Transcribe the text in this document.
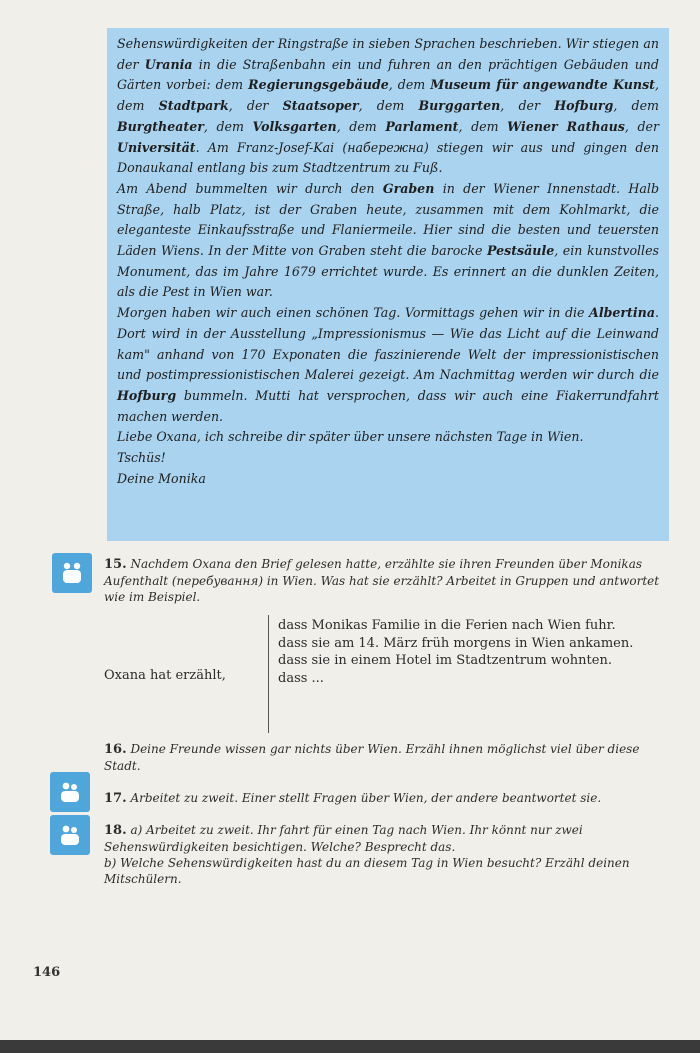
Sehenswürdigkeiten der Ringstraße in sieben Sprachen beschrieben. Wir stiegen an der Urania in die Straßenbahn ein und fuhren an den prächtigen Gebäuden und Gärten vorbei: dem Regierungsgebäude, dem Museum für angewandte Kunst, dem Stadtpark, der Staatsoper, dem Burggarten, der Hofburg, dem Burgtheater, dem Volksgarten, dem Parlament, dem Wiener Rathaus, der Universität. Am Franz-Josef-Kai (набережна) stiegen wir aus und gingen den Donaukanal entlang bis zum Stadtzentrum zu Fuß.

Am Abend bummelten wir durch den Graben in der Wiener Innenstadt. Halb Straße, halb Platz, ist der Graben heute, zusammen mit dem Kohlmarkt, die eleganteste Einkaufsstraße und Flaniermeile. Hier sind die besten und teuersten Läden Wiens. In der Mitte von Graben steht die barocke Pestsäule, ein kunstvolles Monument, das im Jahre 1679 errichtet wurde. Es erinnert an die dunklen Zeiten, als die Pest in Wien war.

Morgen haben wir auch einen schönen Tag. Vormittags gehen wir in die Albertina. Dort wird in der Ausstellung „Impressionismus — Wie das Licht auf die Leinwand kam" anhand von 170 Exponaten die faszinierende Welt der impressionistischen und postimpressionistischen Malerei gezeigt. Am Nachmittag werden wir durch die Hofburg bummeln. Mutti hat versprochen, dass wir auch eine Fiakerrundfahrt machen werden.

Liebe Oxana, ich schreibe dir später über unsere nächsten Tage in Wien.

Tschüs!

Deine Monika

15. Nachdem Oxana den Brief gelesen hatte, erzählte sie ihren Freunden über Monikas Aufenthalt (перебування) in Wien. Was hat sie erzählt? Arbeitet in Gruppen und antwortet wie im Beispiel.
Oxana hat erzählt,
dass Monikas Familie in die Ferien nach Wien fuhr.
dass sie am 14. März früh morgens in Wien ankamen.
dass sie in einem Hotel im Stadtzentrum wohnten.
dass ...
16. Deine Freunde wissen gar nichts über Wien. Erzähl ihnen möglichst viel über diese Stadt.
17. Arbeitet zu zweit. Einer stellt Fragen über Wien, der andere beantwortet sie.
18. a) Arbeitet zu zweit. Ihr fahrt für einen Tag nach Wien. Ihr könnt nur zwei Sehenswürdigkeiten besichtigen. Welche? Besprecht das.
b) Welche Sehenswürdigkeiten hast du an diesem Tag in Wien besucht? Erzähl deinen Mitschülern.
146
